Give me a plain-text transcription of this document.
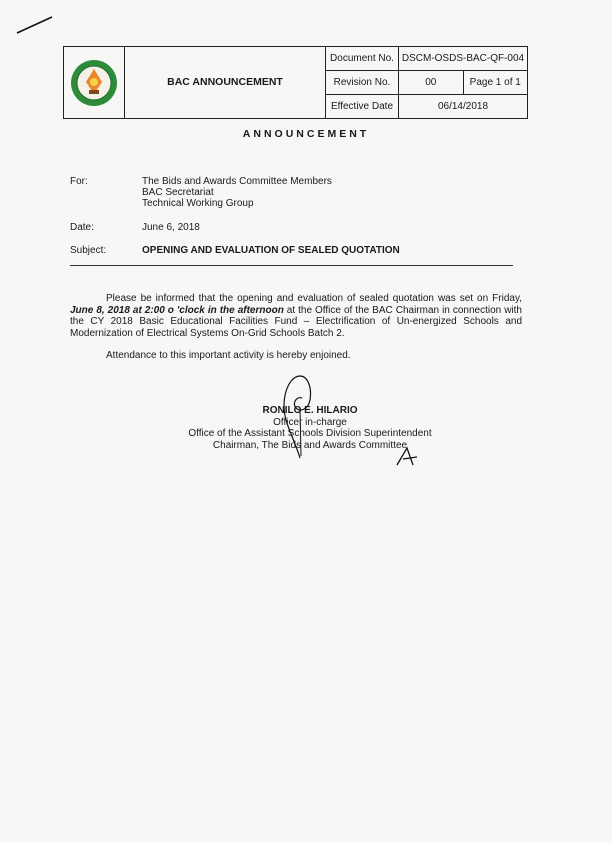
	BAC ANNOUNCEMENT	Document No.	DSCM-OSDS-BAC-QF-004	
		Revision No.	00	Page 1 of 1
		Effective Date	06/14/2018	
ANNOUNCEMENT
For:	The Bids and Awards Committee Members
BAC Secretariat
Technical Working Group
Date:	June 6, 2018
Subject:	OPENING AND EVALUATION OF SEALED QUOTATION

Please be informed that the opening and evaluation of sealed quotation was set on Friday, June 8, 2018 at 2:00 o 'clock in the afternoon at the Office of the BAC Chairman in connection with the CY 2018 Basic Educational Facilities Fund – Electrification of Un-energized Schools and Modernization of Electrical Systems On-Grid Schools Batch 2.

Attendance to this important activity is hereby enjoined.
RONILO E. HILARIO
Officer in-charge
Office of the Assistant Schools Division Superintendent
Chairman, The Bids and Awards Committee
